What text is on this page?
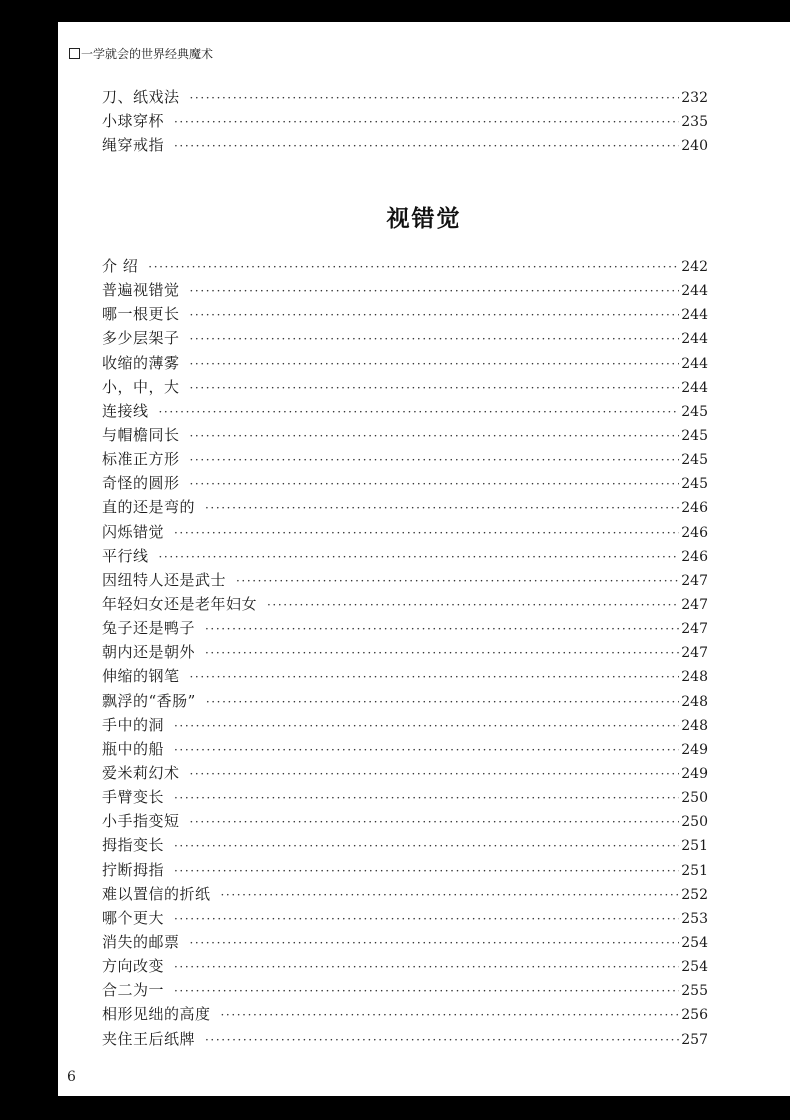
一学就会的世界经典魔术
刀、纸戏法 ·····	232
小球穿杯 ·····	235
绳穿戒指 ·····	240
视错觉
介 绍 ·····	242
普遍视错觉 ·····	244
哪一根更长 ·····	244
多少层架子 ·····	244
收缩的薄雾 ·····	244
小，中，大 ·····	244
连接线 ·····	245
与帽檐同长 ·····	245
标准正方形 ·····	245
奇怪的圆形 ·····	245
直的还是弯的 ·····	246
闪烁错觉 ·····	246
平行线 ·····	246
因纽特人还是武士 ·····	247
年轻妇女还是老年妇女 ·····	247
兔子还是鸭子 ·····	247
朝内还是朝外 ·····	247
伸缩的钢笔 ·····	248
飘浮的“香肠” ·····	248
手中的洞 ·····	248
瓶中的船 ·····	249
爱米莉幻术 ·····	249
手臂变长 ·····	250
小手指变短 ·····	250
拇指变长 ·····	251
拧断拇指 ·····	251
难以置信的折纸 ·····	252
哪个更大 ·····	253
消失的邮票 ·····	254
方向改变 ·····	254
合二为一 ·····	255
相形见绌的高度 ·····	256
夹住王后纸牌 ·····	257
6
